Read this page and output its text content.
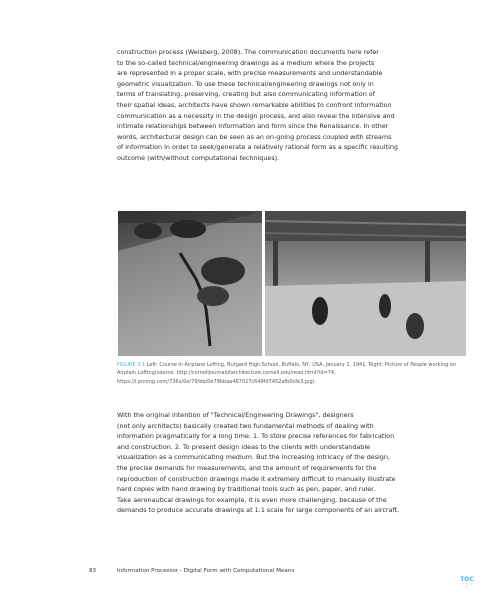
construction process (Weisberg, 2008). The communication documents here refer
to the so-called technical/engineering drawings as a medium where the projects
are represented in a proper scale, with precise measurements and understandable
geometric visualization. To use these technical/engineering drawings not only in
terms of translating, preserving, creating but also communicating information of
their spatial ideas, architects have shown remarkable abilities to confront information
communication as a necessity in the design process, and also reveal the intensive and
intimate relationships between information and form since the Renaissance. In other
words, architectural design can be seen as an on-going process coupled with streams
of information in order to seek/generate a relatively rational form as a specific resulting
outcome (with/without computational techniques).

FIGURE 3.1 Left: Course in Airplane Lofting, Burgard High School, Buffalo, NY, USA, January 1, 1941. Right: Picture of People working on Airplain Lofting(source: http://cornelljournalofarchitecture.cornell.edu/read.html?id=74, https://i.pinimg.com/736x/0e/79/bb/0e79bbaa467027c649fd7452afb0cfe3.jpg).

With the original intention of "Technical/Engineering Drawings", designers
(not only architects) basically created two fundamental methods of dealing with
information pragmatically for a long time: 1. To store precise references for fabrication
and construction. 2. To present design ideas to the clients with understandable
visualization as a communicating medium. But the increasing intricacy of the design,
the precise demands for measurements, and the amount of requirements for the
reproduction of construction drawings made it extremely difficult to manually illustrate
hard copies with hand drawing by traditional tools such as pen, paper, and ruler.
Take aeronautical drawings for example, it is even more challenging, because of the
demands to produce accurate drawings at 1:1 scale for large components of an aircraft,

83	Information Processor - Digital Form with Computational Means
TOC
• • • •
